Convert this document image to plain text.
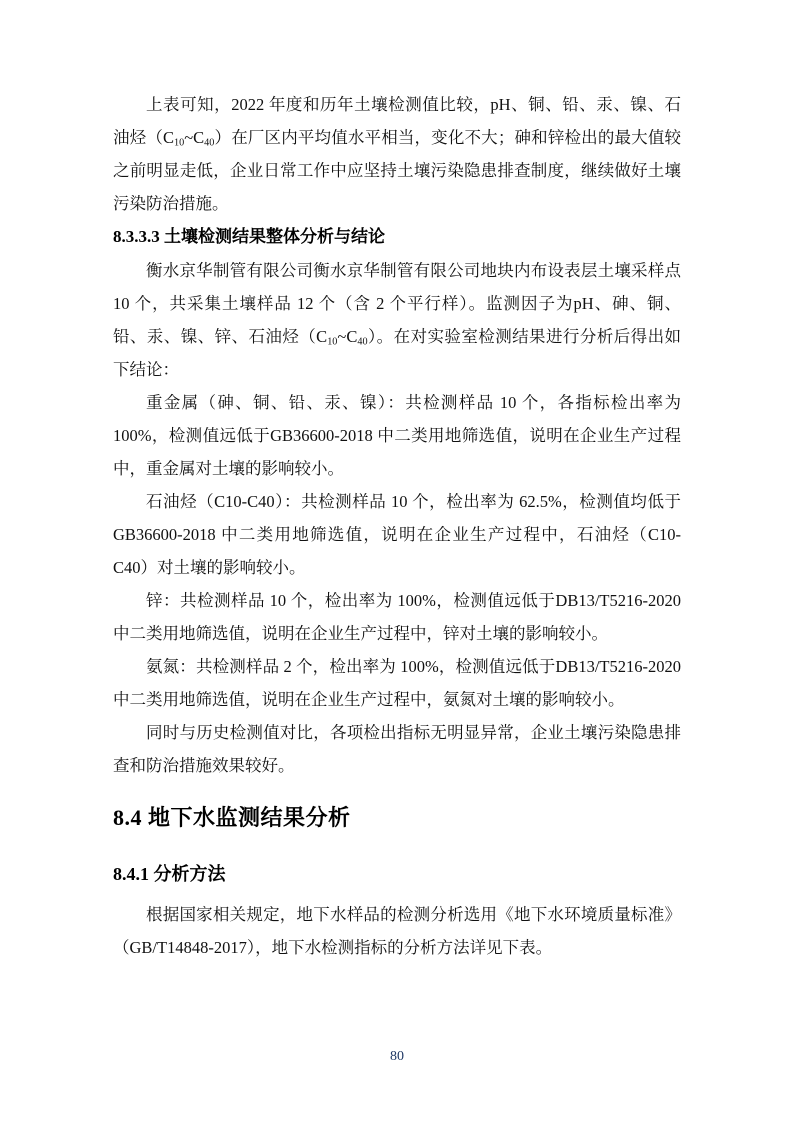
上表可知，2022 年度和历年土壤检测值比较，pH、铜、铅、汞、镍、石油烃$(C_{10}\sim C_{40})$在厂区内平均值水平相当，变化不大；砷和锌检出的最大值较之前明显走低，企业日常工作中应坚持土壤污染隐患排查制度，继续做好土壤污染防治措施。

8.3.3.3 土壤检测结果整体分析与结论

衡水京华制管有限公司衡水京华制管有限公司地块内布设表层土壤采样点 10 个，共采集土壤样品 12 个（含 2 个平行样）。监测因子为pH、砷、铜、铅、汞、镍、锌、石油烃$(C_{10}\sim C_{40})$。在对实验室检测结果进行分析后得出如下结论：

重金属（砷、铜、铅、汞、镍）：共检测样品 10 个，各指标检出率为 100%，检测值远低于GB36600-2018 中二类用地筛选值，说明在企业生产过程中，重金属对土壤的影响较小。

石油烃（C10-C40）：共检测样品 10 个，检出率为 62.5%，检测值均低于GB36600-2018 中二类用地筛选值，说明在企业生产过程中，石油烃（C10-C40）对土壤的影响较小。

锌：共检测样品 10 个，检出率为 100%，检测值远低于DB13/T5216-2020 中二类用地筛选值，说明在企业生产过程中，锌对土壤的影响较小。

氨氮：共检测样品 2 个，检出率为 100%，检测值远低于DB13/T5216-2020 中二类用地筛选值，说明在企业生产过程中，氨氮对土壤的影响较小。

同时与历史检测值对比，各项检出指标无明显异常，企业土壤污染隐患排查和防治措施效果较好。

8.4 地下水监测结果分析

8.4.1 分析方法

根据国家相关规定，地下水样品的检测分析选用《地下水环境质量标准》（GB/T14848-2017），地下水检测指标的分析方法详见下表。

80
